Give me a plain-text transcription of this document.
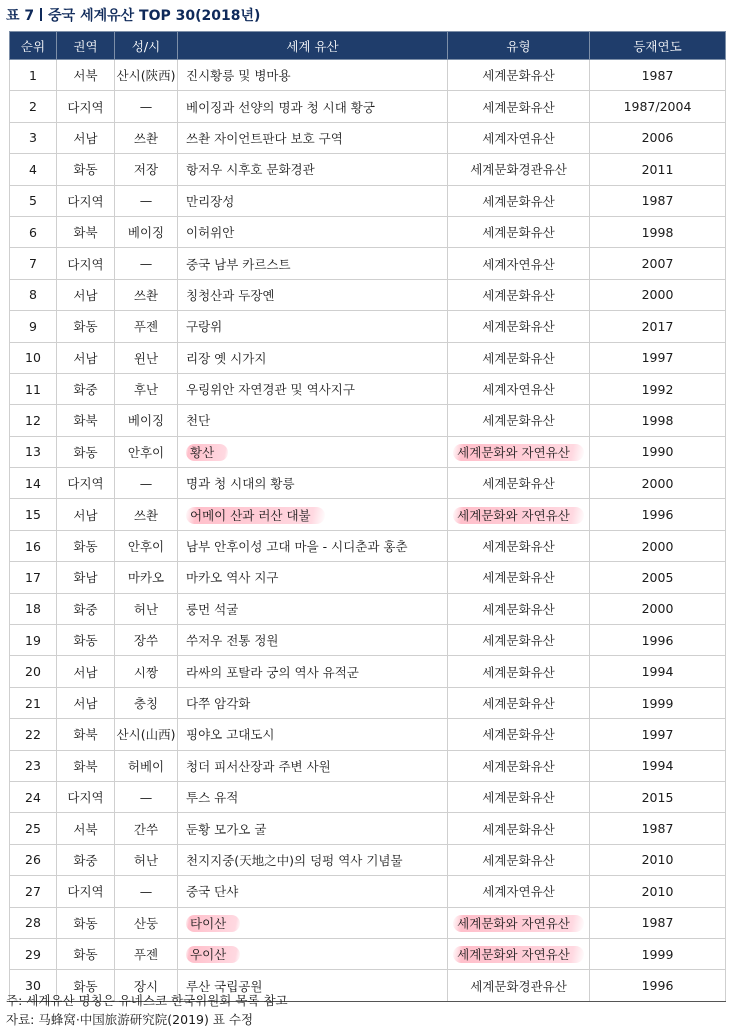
표 7 중국 세계유산 TOP 30(2018년)
순위	권역	성/시	세계 유산	유형	등재연도
1	서북	산시(陝西)	진시황릉 및 병마용	세계문화유산	1987
2	다지역	—	베이징과 선양의 명과 청 시대 황궁	세계문화유산	1987/2004
3	서남	쓰촨	쓰촨 자이언트판다 보호 구역	세계자연유산	2006
4	화동	저장	항저우 시후호 문화경관	세계문화경관유산	2011
5	다지역	—	만리장성	세계문화유산	1987
6	화북	베이징	이허위안	세계문화유산	1998
7	다지역	—	중국 남부 카르스트	세계자연유산	2007
8	서남	쓰촨	칭청산과 두장옌	세계문화유산	2000
9	화동	푸젠	구랑위	세계문화유산	2017
10	서남	윈난	리장 옛 시가지	세계문화유산	1997
11	화중	후난	우링위안 자연경관 및 역사지구	세계자연유산	1992
12	화북	베이징	천단	세계문화유산	1998
13	화동	안후이	황산	세계문화와 자연유산	1990
14	다지역	—	명과 청 시대의 황릉	세계문화유산	2000
15	서남	쓰촨	어메이 산과 러산 대불	세계문화와 자연유산	1996
16	화동	안후이	남부 안후이성 고대 마을 - 시디춘과 홍춘	세계문화유산	2000
17	화남	마카오	마카오 역사 지구	세계문화유산	2005
18	화중	허난	룽먼 석굴	세계문화유산	2000
19	화동	장쑤	쑤저우 전통 정원	세계문화유산	1996
20	서남	시짱	라싸의 포탈라 궁의 역사 유적군	세계문화유산	1994
21	서남	충칭	다쭈 암각화	세계문화유산	1999
22	화북	산시(山西)	핑야오 고대도시	세계문화유산	1997
23	화북	허베이	청더 피서산장과 주변 사원	세계문화유산	1994
24	다지역	—	투스 유적	세계문화유산	2015
25	서북	간쑤	둔황 모가오 굴	세계문화유산	1987
26	화중	허난	천지지중(天地之中)의 덩펑 역사 기념물	세계문화유산	2010
27	다지역	—	중국 단샤	세계자연유산	2010
28	화동	산둥	타이산	세계문화와 자연유산	1987
29	화동	푸젠	우이산	세계문화와 자연유산	1999
30	화동	장시	루산 국립공원	세계문화경관유산	1996
주: 세계유산 명칭은 유네스코 한국위원회 목록 참고
자료: 马蜂窝·中国旅游研究院(2019) 표 수정
